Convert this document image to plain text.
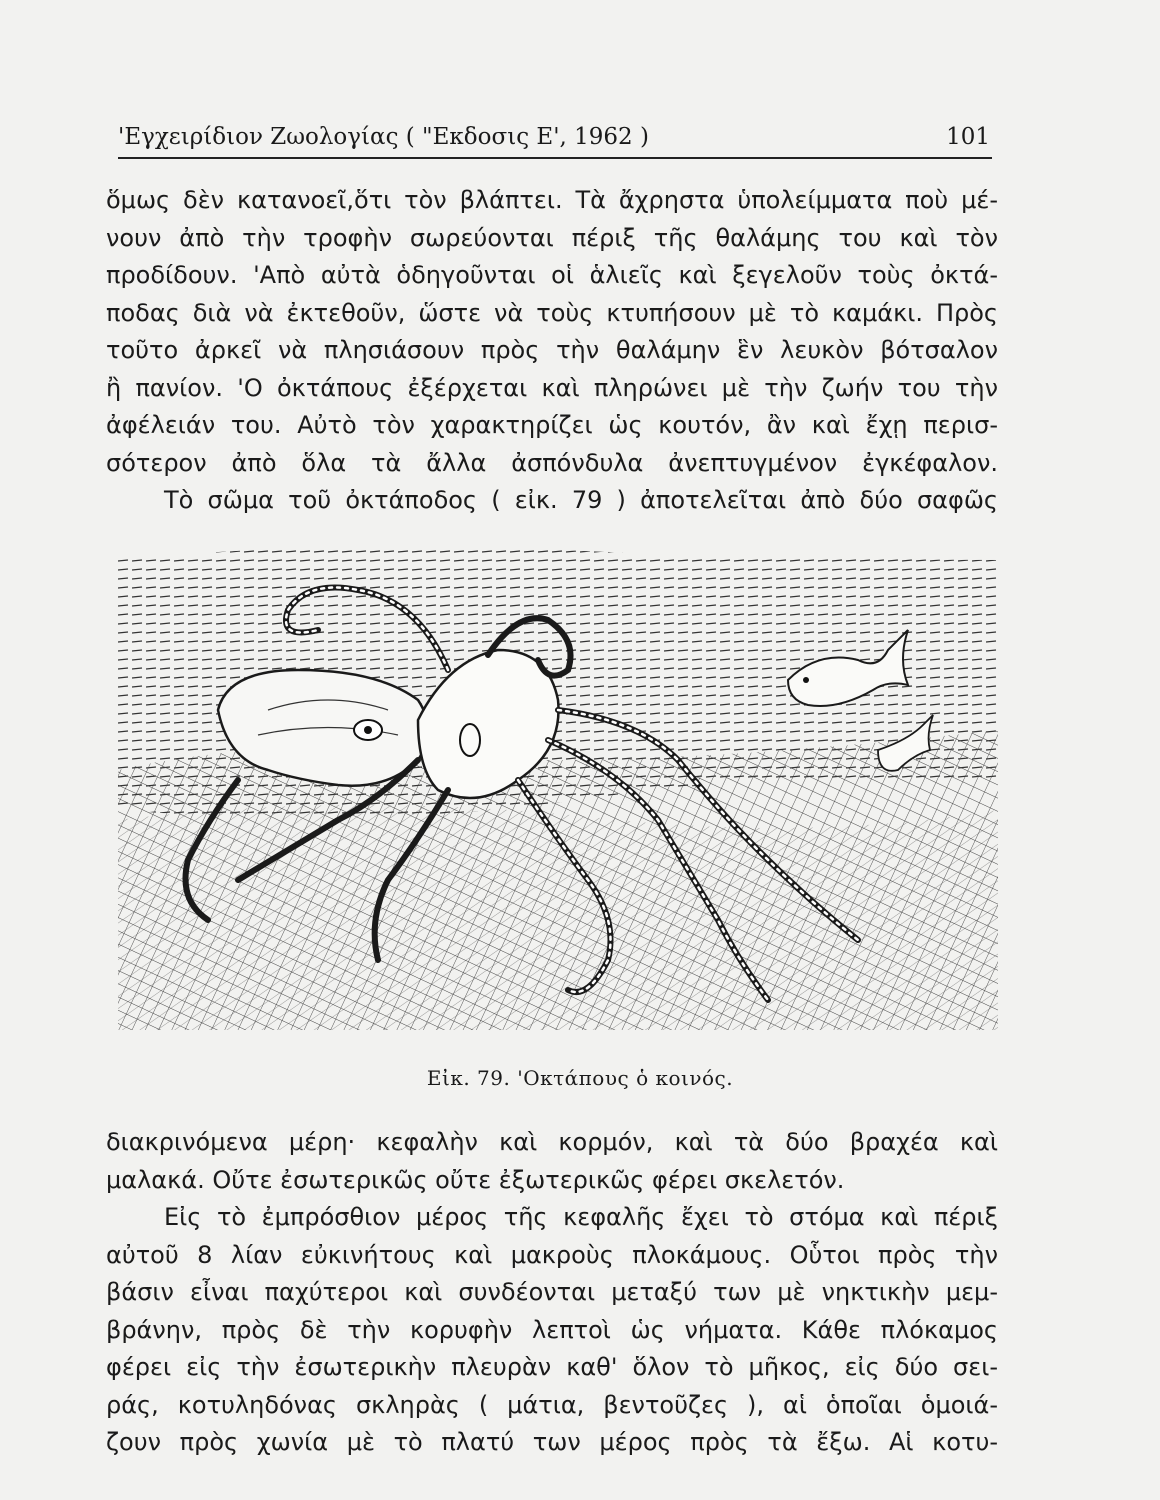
'Εγχειρίδιον Ζωολογίας ( "Εκδοσις Ε', 1962 )	101
ὅμως δὲν κατανοεῖ,ὅτι τὸν βλάπτει. Τὰ ἄχρηστα ὑπολείμματα ποὺ μέ-
νουν ἀπὸ τὴν τροφὴν σωρεύονται πέριξ τῆς θαλάμης του καὶ τὸν
προδίδουν. 'Απὸ αὐτὰ ὁδηγοῦνται οἱ ἁλιεῖς καὶ ξεγελοῦν τοὺς ὀκτά-
ποδας διὰ νὰ ἐκτεθοῦν, ὥστε νὰ τοὺς κτυπήσουν μὲ τὸ καμάκι. Πρὸς
τοῦτο ἀρκεῖ νὰ πλησιάσουν πρὸς τὴν θαλάμην ἓν λευκὸν βότσαλον
ἢ πανίον. 'Ο ὀκτάπους ἐξέρχεται καὶ πληρώνει μὲ τὴν ζωήν του τὴν
ἀφέλειάν του. Αὐτὸ τὸν χαρακτηρίζει ὡς κουτόν, ἂν καὶ ἔχῃ περισ-
σότερον ἀπὸ ὅλα τὰ ἄλλα ἀσπόνδυλα ἀνεπτυγμένον ἐγκέφαλον.
Τὸ σῶμα τοῦ ὀκτάποδος ( εἰκ. 79 ) ἀποτελεῖται ἀπὸ δύο σαφῶς
Εἰκ. 79. 'Οκτάπους ὁ κοινός.
διακρινόμενα μέρη· κεφαλὴν καὶ κορμόν, καὶ τὰ δύο βραχέα καὶ
μαλακά. Οὔτε ἐσωτερικῶς οὔτε ἐξωτερικῶς φέρει σκελετόν.
Εἰς τὸ ἐμπρόσθιον μέρος τῆς κεφαλῆς ἔχει τὸ στόμα καὶ πέριξ
αὐτοῦ 8 λίαν εὐκινήτους καὶ μακροὺς πλοκάμους. Οὗτοι πρὸς τὴν
βάσιν εἶναι παχύτεροι καὶ συνδέονται μεταξύ των μὲ νηκτικὴν μεμ-
βράνην, πρὸς δὲ τὴν κορυφὴν λεπτοὶ ὡς νήματα. Κάθε πλόκαμος
φέρει εἰς τὴν ἐσωτερικὴν πλευρὰν καθ' ὅλον τὸ μῆκος, εἰς δύο σει-
ράς, κοτυληδόνας σκληρὰς ( μάτια, βεντοῦζες ), αἱ ὁποῖαι ὁμοιά-
ζουν πρὸς χωνία μὲ τὸ πλατύ των μέρος πρὸς τὰ ἔξω. Αἱ κοτυ-
